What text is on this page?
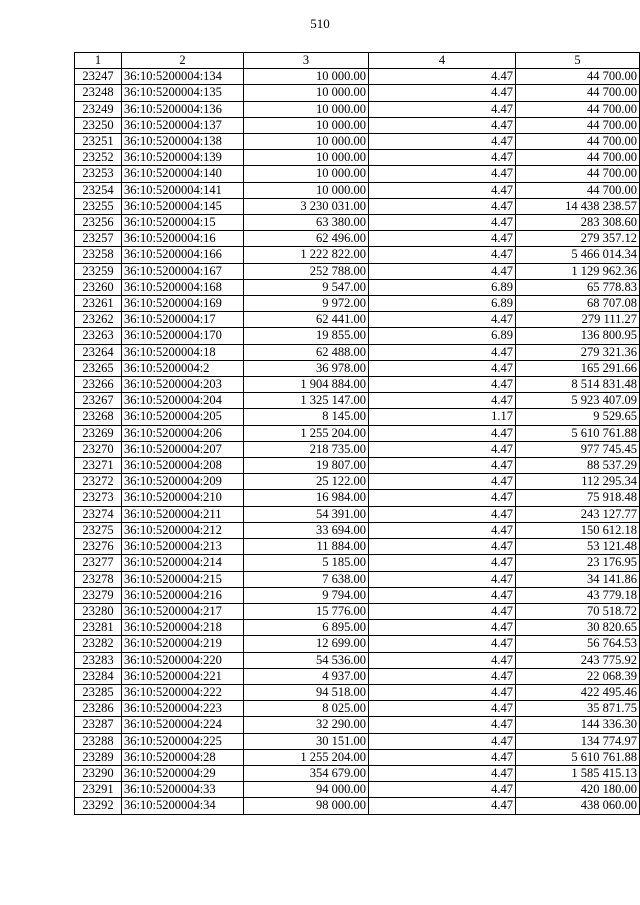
510
1	2	3	4	5
23247	36:10:5200004:134	10 000.00	4.47	44 700.00
23248	36:10:5200004:135	10 000.00	4.47	44 700.00
23249	36:10:5200004:136	10 000.00	4.47	44 700.00
23250	36:10:5200004:137	10 000.00	4.47	44 700.00
23251	36:10:5200004:138	10 000.00	4.47	44 700.00
23252	36:10:5200004:139	10 000.00	4.47	44 700.00
23253	36:10:5200004:140	10 000.00	4.47	44 700.00
23254	36:10:5200004:141	10 000.00	4.47	44 700.00
23255	36:10:5200004:145	3 230 031.00	4.47	14 438 238.57
23256	36:10:5200004:15	63 380.00	4.47	283 308.60
23257	36:10:5200004:16	62 496.00	4.47	279 357.12
23258	36:10:5200004:166	1 222 822.00	4.47	5 466 014.34
23259	36:10:5200004:167	252 788.00	4.47	1 129 962.36
23260	36:10:5200004:168	9 547.00	6.89	65 778.83
23261	36:10:5200004:169	9 972.00	6.89	68 707.08
23262	36:10:5200004:17	62 441.00	4.47	279 111.27
23263	36:10:5200004:170	19 855.00	6.89	136 800.95
23264	36:10:5200004:18	62 488.00	4.47	279 321.36
23265	36:10:5200004:2	36 978.00	4.47	165 291.66
23266	36:10:5200004:203	1 904 884.00	4.47	8 514 831.48
23267	36:10:5200004:204	1 325 147.00	4.47	5 923 407.09
23268	36:10:5200004:205	8 145.00	1.17	9 529.65
23269	36:10:5200004:206	1 255 204.00	4.47	5 610 761.88
23270	36:10:5200004:207	218 735.00	4.47	977 745.45
23271	36:10:5200004:208	19 807.00	4.47	88 537.29
23272	36:10:5200004:209	25 122.00	4.47	112 295.34
23273	36:10:5200004:210	16 984.00	4.47	75 918.48
23274	36:10:5200004:211	54 391.00	4.47	243 127.77
23275	36:10:5200004:212	33 694.00	4.47	150 612.18
23276	36:10:5200004:213	11 884.00	4.47	53 121.48
23277	36:10:5200004:214	5 185.00	4.47	23 176.95
23278	36:10:5200004:215	7 638.00	4.47	34 141.86
23279	36:10:5200004:216	9 794.00	4.47	43 779.18
23280	36:10:5200004:217	15 776.00	4.47	70 518.72
23281	36:10:5200004:218	6 895.00	4.47	30 820.65
23282	36:10:5200004:219	12 699.00	4.47	56 764.53
23283	36:10:5200004:220	54 536.00	4.47	243 775.92
23284	36:10:5200004:221	4 937.00	4.47	22 068.39
23285	36:10:5200004:222	94 518.00	4.47	422 495.46
23286	36:10:5200004:223	8 025.00	4.47	35 871.75
23287	36:10:5200004:224	32 290.00	4.47	144 336.30
23288	36:10:5200004:225	30 151.00	4.47	134 774.97
23289	36:10:5200004:28	1 255 204.00	4.47	5 610 761.88
23290	36:10:5200004:29	354 679.00	4.47	1 585 415.13
23291	36:10:5200004:33	94 000.00	4.47	420 180.00
23292	36:10:5200004:34	98 000.00	4.47	438 060.00
